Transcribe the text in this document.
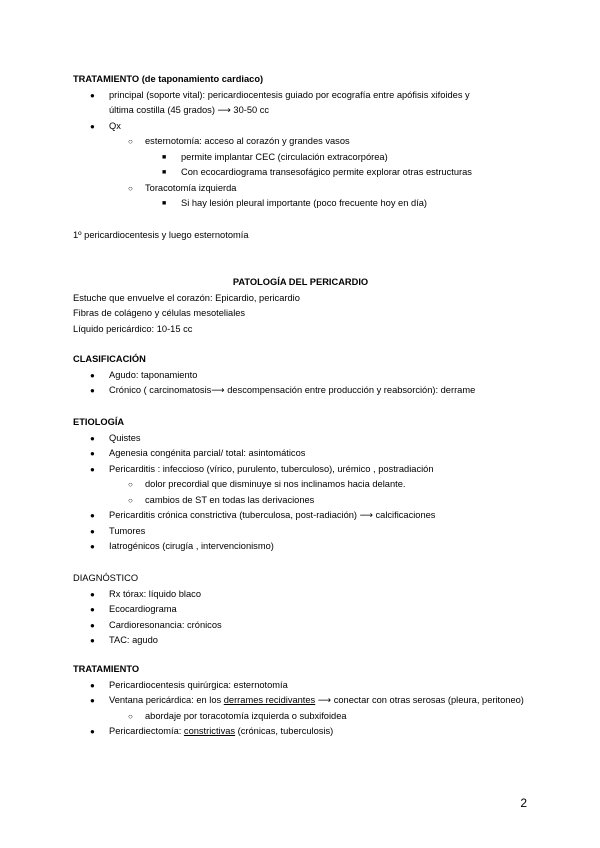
TRATAMIENTO (de taponamiento cardiaco)
● principal (soporte vital): pericardiocentesis guiado por ecografía entre apófisis xifoides y
última costilla (45 grados) ⟶ 30-50 cc
● Qx
○ esternotomía: acceso al corazón y grandes vasos
■ permite implantar CEC (circulación extracorpórea)
■ Con ecocardiograma transesofágico permite explorar otras estructuras
○ Toracotomía izquierda
■ Si hay lesión pleural importante (poco frecuente hoy en día)
1º pericardiocentesis y luego esternotomía
PATOLOGÍA DEL PERICARDIO
Estuche que envuelve el corazón: Epicardio, pericardio
Fibras de colágeno y células mesoteliales
Líquido pericárdico: 10-15 cc
CLASIFICACIÓN
● Agudo: taponamiento
● Crónico ( carcinomatosis⟶ descompensación entre producción y reabsorción): derrame
ETIOLOGÍA
● Quistes
● Agenesia congénita parcial/ total: asintomáticos
● Pericarditis : infeccioso (vírico, purulento, tuberculoso), urémico , postradiación
○ dolor precordial que disminuye si nos inclinamos hacia delante.
○ cambios de ST en todas las derivaciones
● Pericarditis crónica constrictiva (tuberculosa, post-radiación) ⟶ calcificaciones
● Tumores
● Iatrogénicos (cirugía , intervencionismo)
DIAGNÓSTICO
● Rx tórax: líquido blaco
● Ecocardiograma
● Cardioresonancia: crónicos
● TAC: agudo
TRATAMIENTO
● Pericardiocentesis quirúrgica: esternotomía
● Ventana pericárdica: en los derrames recidivantes ⟶ conectar con otras serosas (pleura, peritoneo)
○ abordaje por toracotomía izquierda o subxifoidea
● Pericardiectomía: constrictivas (crónicas, tuberculosis)
2
